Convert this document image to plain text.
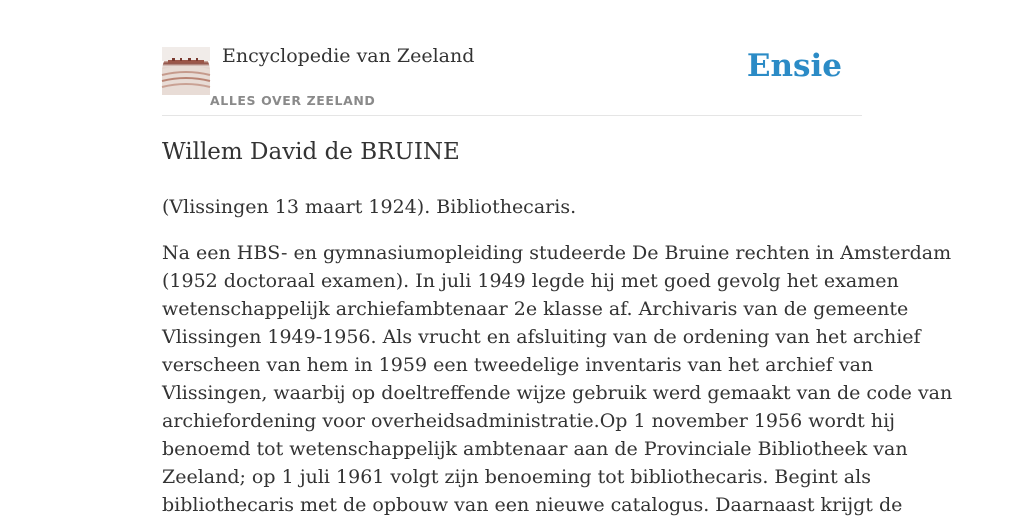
Encyclopedie van Zeeland
ALLES OVER ZEELAND
Ensie
Willem David de BRUINE

(Vlissingen 13 maart 1924). Bibliothecaris.

Na een HBS- en gymnasiumopleiding studeerde De Bruine rechten in Amsterdam
(1952 doctoraal examen). In juli 1949 legde hij met goed gevolg het examen
wetenschappelijk archiefambtenaar 2e klasse af. Archivaris van de gemeente
Vlissingen 1949-1956. Als vrucht en afsluiting van de ordening van het archief
verscheen van hem in 1959 een tweedelige inventaris van het archief van
Vlissingen, waarbij op doeltreffende wijze gebruik werd gemaakt van de code van
archiefordening voor overheidsadministratie.Op 1 november 1956 wordt hij
benoemd tot wetenschappelijk ambtenaar aan de Provinciale Bibliotheek van
Zeeland; op 1 juli 1961 volgt zijn benoeming tot bibliothecaris. Begint als
bibliothecaris met de opbouw van een nieuwe catalogus. Daarnaast krijgt de
